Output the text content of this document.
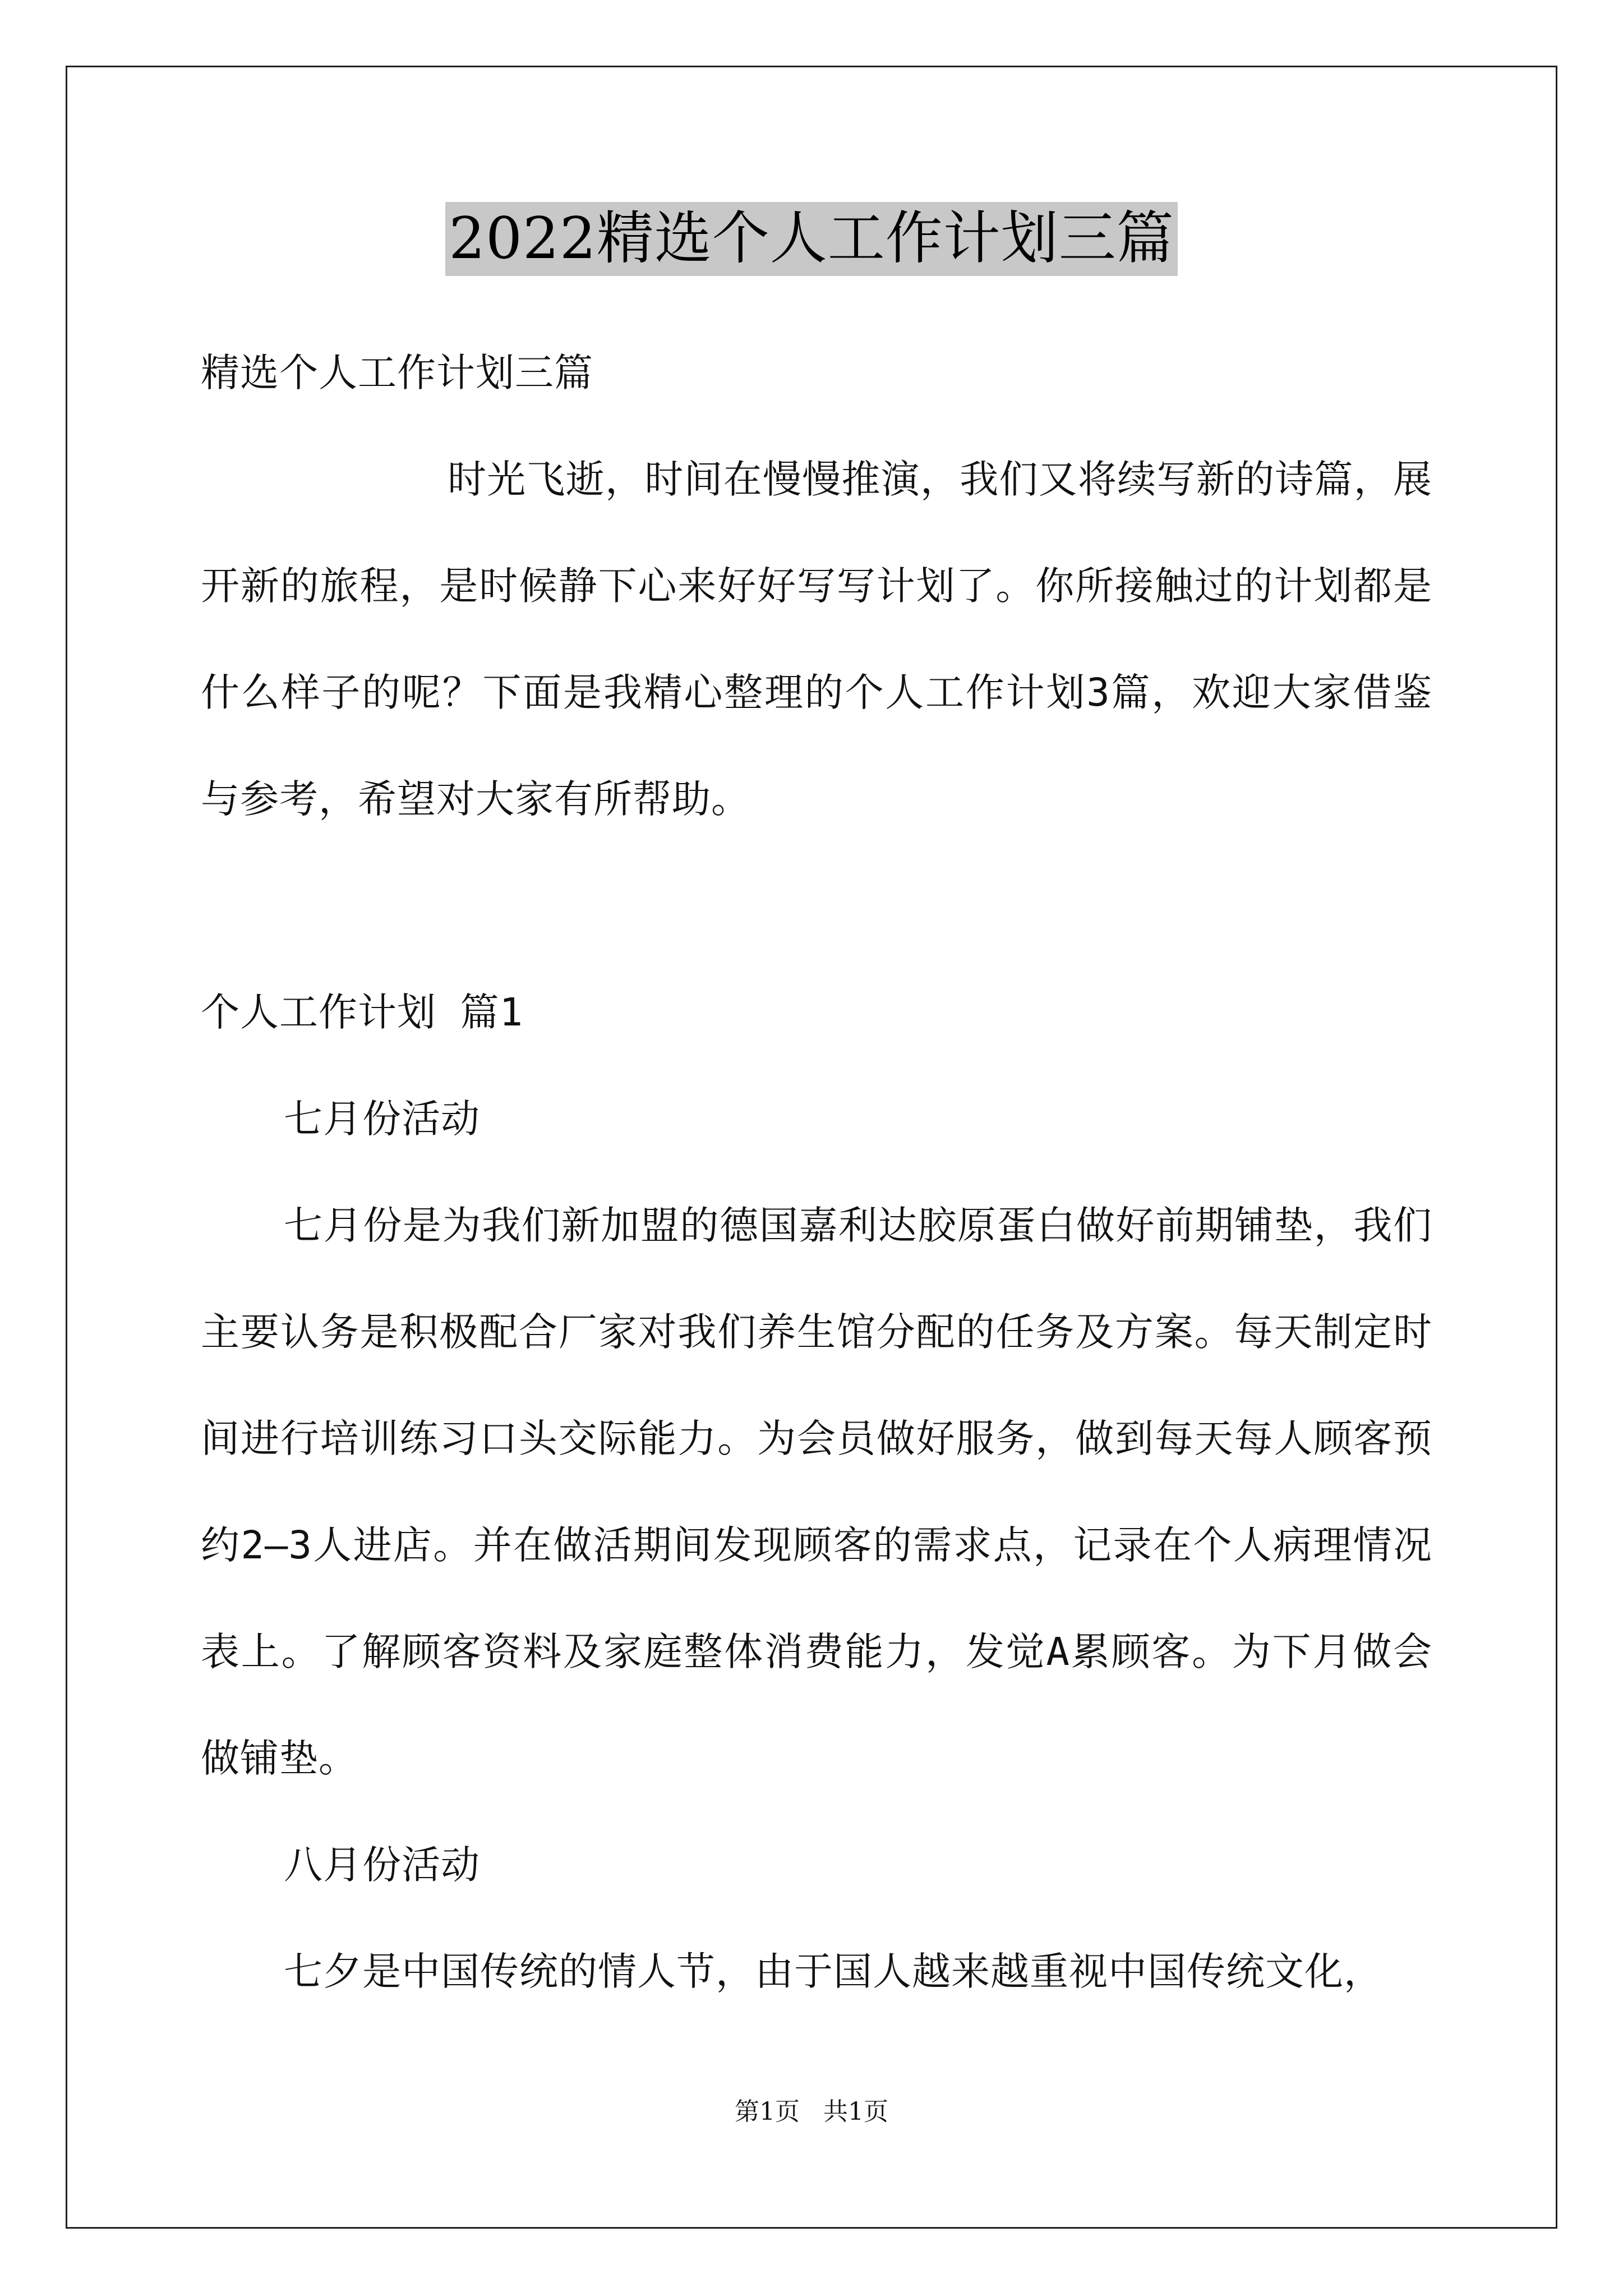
2022精选个人工作计划三篇
精选个人工作计划三篇
时光飞逝，时间在慢慢推演，我们又将续写新的诗篇，展开新的旅程，是时候静下心来好好写写计划了。你所接触过的计划都是什么样子的呢？下面是我精心整理的个人工作计划3篇，欢迎大家借鉴与参考，希望对大家有所帮助。
个人工作计划 篇1
七月份活动
七月份是为我们新加盟的德国嘉利达胶原蛋白做好前期铺垫，我们主要认务是积极配合厂家对我们养生馆分配的任务及方案。每天制定时间进行培训练习口头交际能力。为会员做好服务，做到每天每人顾客预约2—3人进店。并在做活期间发现顾客的需求点，记录在个人病理情况表上。了解顾客资料及家庭整体消费能力，发觉A累顾客。为下月做会做铺垫。
八月份活动
七夕是中国传统的情人节，由于国人越来越重视中国传统文化，
第1页 共1页
